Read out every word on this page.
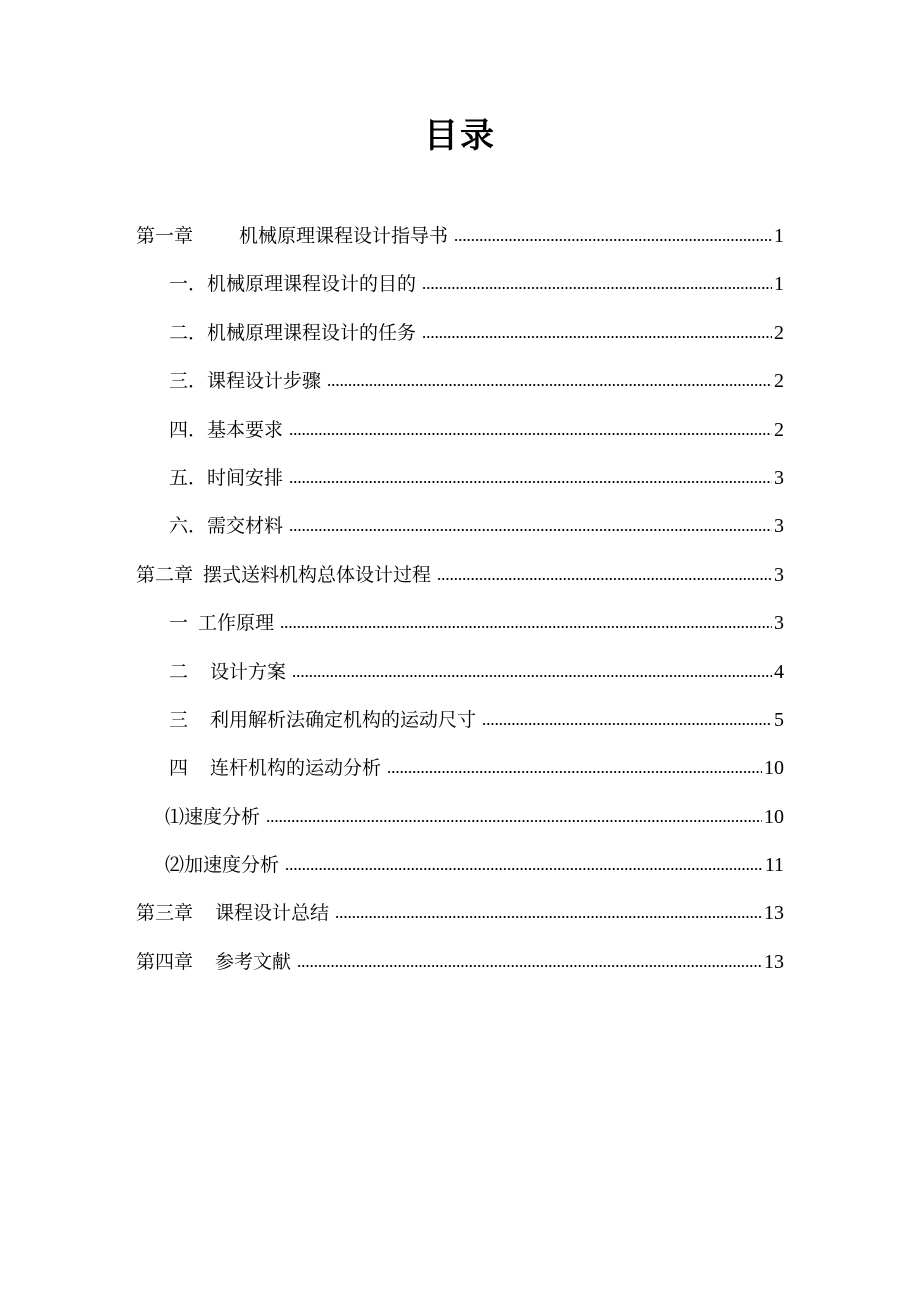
目录
第一章 机械原理课程设计指导书	1
一．机械原理课程设计的目的	1
二．机械原理课程设计的任务	2
三．课程设计步骤	2
四．基本要求	2
五．时间安排	3
六．需交材料	3
第二章 摆式送料机构总体设计过程	3
一 工作原理	3
二 设计方案	4
三 利用解析法确定机构的运动尺寸	5
四 连杆机构的运动分析	10
⑴速度分析	10
⑵加速度分析	11
第三章 课程设计总结	13
第四章 参考文献	13
